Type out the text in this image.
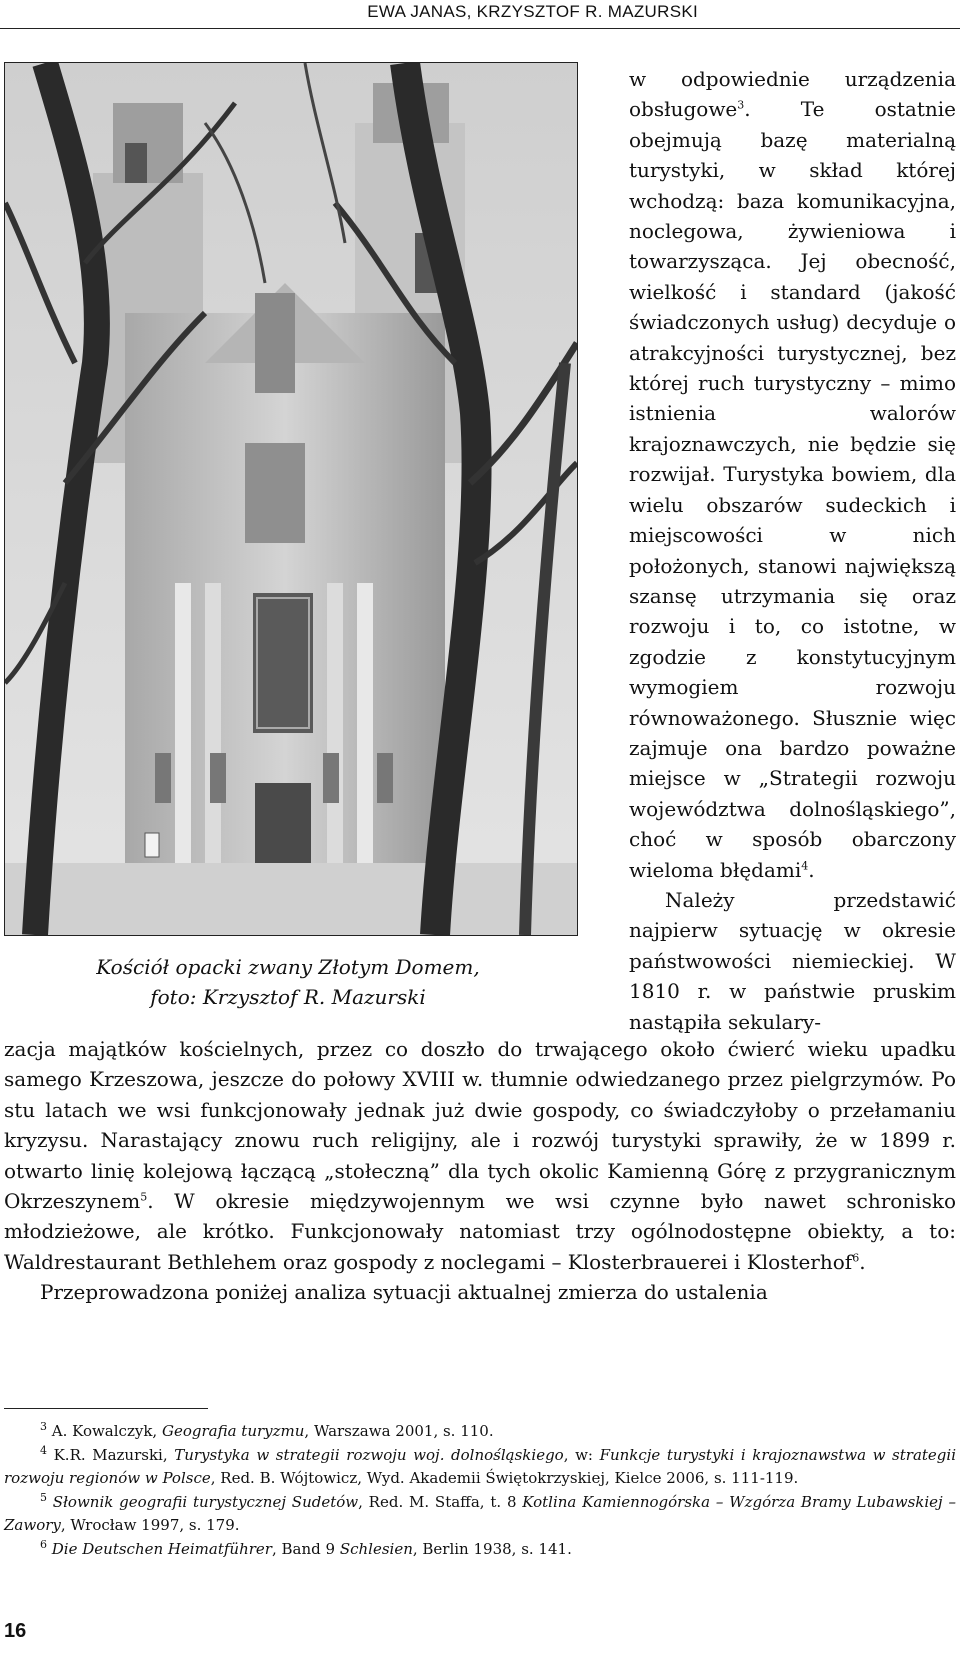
EWA JANAS, KRZYSZTOF R. MAZURSKI
Kościół opacki zwany Złotym Domem,
foto: Krzysztof R. Mazurski

w odpowiednie urządzenia obsługowe$^3$. Te ostatnie obejmują bazę materialną turystyki, w skład której wchodzą: baza komunikacyjna, noclegowa, żywieniowa i towarzysząca. Jej obecność, wielkość i standard (jakość świadczonych usług) decyduje o atrakcyjności turystycznej, bez której ruch turystyczny – mimo istnienia walorów krajoznawczych, nie będzie się rozwijał. Turystyka bowiem, dla wielu obszarów sudeckich i miejscowości w nich położonych, stanowi największą szansę utrzymania się oraz rozwoju i to, co istotne, w zgodzie z konstytucyjnym wymogiem rozwoju równoważonego. Słusznie więc zajmuje ona bardzo poważne miejsce w „Strategii rozwoju województwa dolnośląskiego”, choć w sposób obarczony wieloma błędami$^4$.

Należy przedstawić najpierw sytuację w okresie państwowości niemieckiej. W 1810 r. w państwie pruskim nastąpiła sekulary-

zacja majątków kościelnych, przez co doszło do trwającego około ćwierć wieku upadku samego Krzeszowa, jeszcze do połowy XVIII w. tłumnie odwiedzanego przez pielgrzymów. Po stu latach we wsi funkcjonowały jednak już dwie gospody, co świadczyłoby o przełamaniu kryzysu. Narastający znowu ruch religijny, ale i rozwój turystyki sprawiły, że w 1899 r. otwarto linię kolejową łączącą „stołeczną” dla tych okolic Kamienną Górę z przygranicznym Okrzeszynem$^5$. W okresie międzywojennym we wsi czynne było nawet schronisko młodzieżowe, ale krótko. Funkcjonowały natomiast trzy ogólnodostępne obiekty, a to: Waldrestaurant Bethlehem oraz gospody z noclegami – Klosterbrauerei i Klosterhof$^6$.

Przeprowadzona poniżej analiza sytuacji aktualnej zmierza do ustalenia

$^3$ A. Kowalczyk, Geografia turyzmu, Warszawa 2001, s. 110.

$^4$ K.R. Mazurski, Turystyka w strategii rozwoju woj. dolnośląskiego, w: Funkcje turystyki i krajoznawstwa w strategii rozwoju regionów w Polsce, Red. B. Wójtowicz, Wyd. Akademii Świętokrzyskiej, Kielce 2006, s. 111-119.

$^5$ Słownik geografii turystycznej Sudetów, Red. M. Staffa, t. 8 Kotlina Kamiennogórska – Wzgórza Bramy Lubawskiej – Zawory, Wrocław 1997, s. 179.

$^6$ Die Deutschen Heimatführer, Band 9 Schlesien, Berlin 1938, s. 141.

16
